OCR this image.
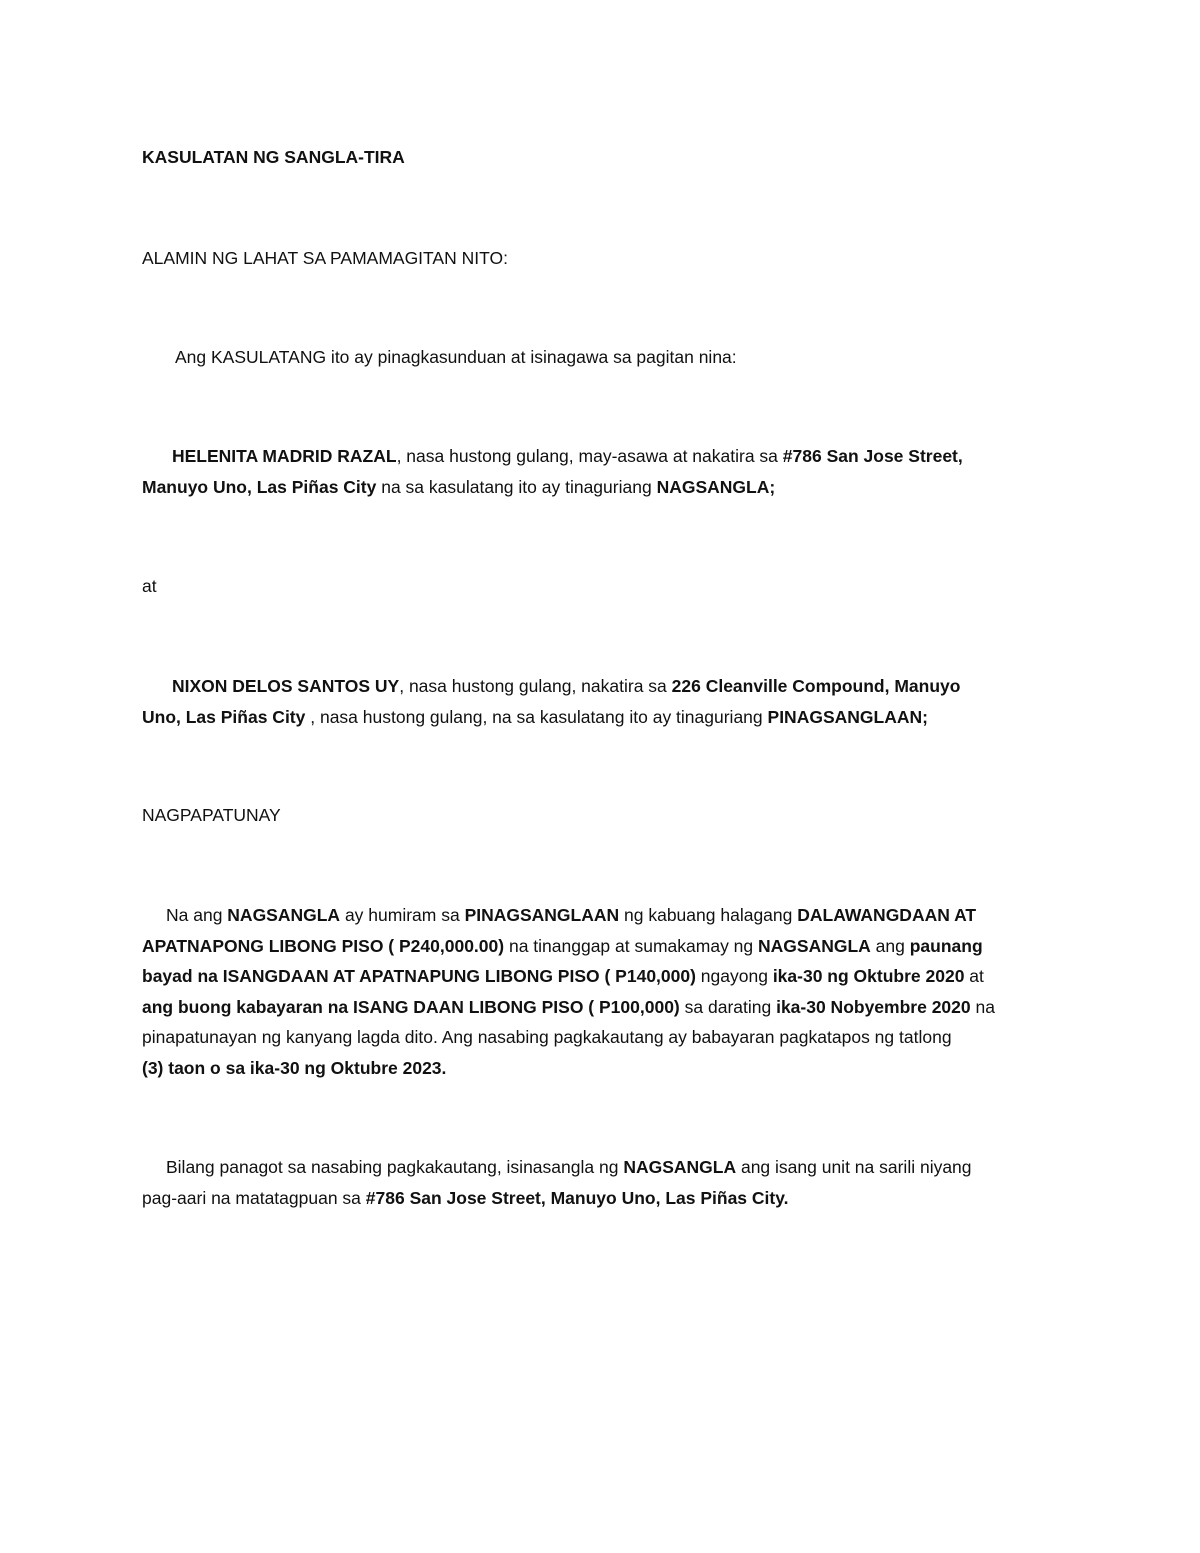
KASULATAN NG SANGLA-TIRA
ALAMIN NG LAHAT SA PAMAMAGITAN NITO:
Ang KASULATANG ito ay pinagkasunduan at isinagawa sa pagitan nina:
HELENITA MADRID RAZAL, nasa hustong gulang, may-asawa at nakatira sa #786 San Jose Street,
Manuyo Uno, Las Piñas City na sa kasulatang ito ay tinaguriang NAGSANGLA;
at
NIXON DELOS SANTOS UY, nasa hustong gulang, nakatira sa 226 Cleanville Compound, Manuyo
Uno, Las Piñas City , nasa hustong gulang, na sa kasulatang ito ay tinaguriang PINAGSANGLAAN;
NAGPAPATUNAY
Na ang NAGSANGLA ay humiram sa PINAGSANGLAAN ng kabuang halagang DALAWANGDAAN AT
APATNAPONG LIBONG PISO ( P240,000.00) na tinanggap at sumakamay ng NAGSANGLA ang paunang
bayad na ISANGDAAN AT APATNAPUNG LIBONG PISO ( P140,000) ngayong ika-30 ng Oktubre 2020 at
ang buong kabayaran na ISANG DAAN LIBONG PISO ( P100,000) sa darating ika-30 Nobyembre 2020 na
pinapatunayan ng kanyang lagda dito. Ang nasabing pagkakautang ay babayaran pagkatapos ng tatlong
(3) taon o sa ika-30 ng Oktubre 2023.
Bilang panagot sa nasabing pagkakautang, isinasangla ng NAGSANGLA ang isang unit na sarili niyang
pag-aari na matatagpuan sa #786 San Jose Street, Manuyo Uno, Las Piñas City.
